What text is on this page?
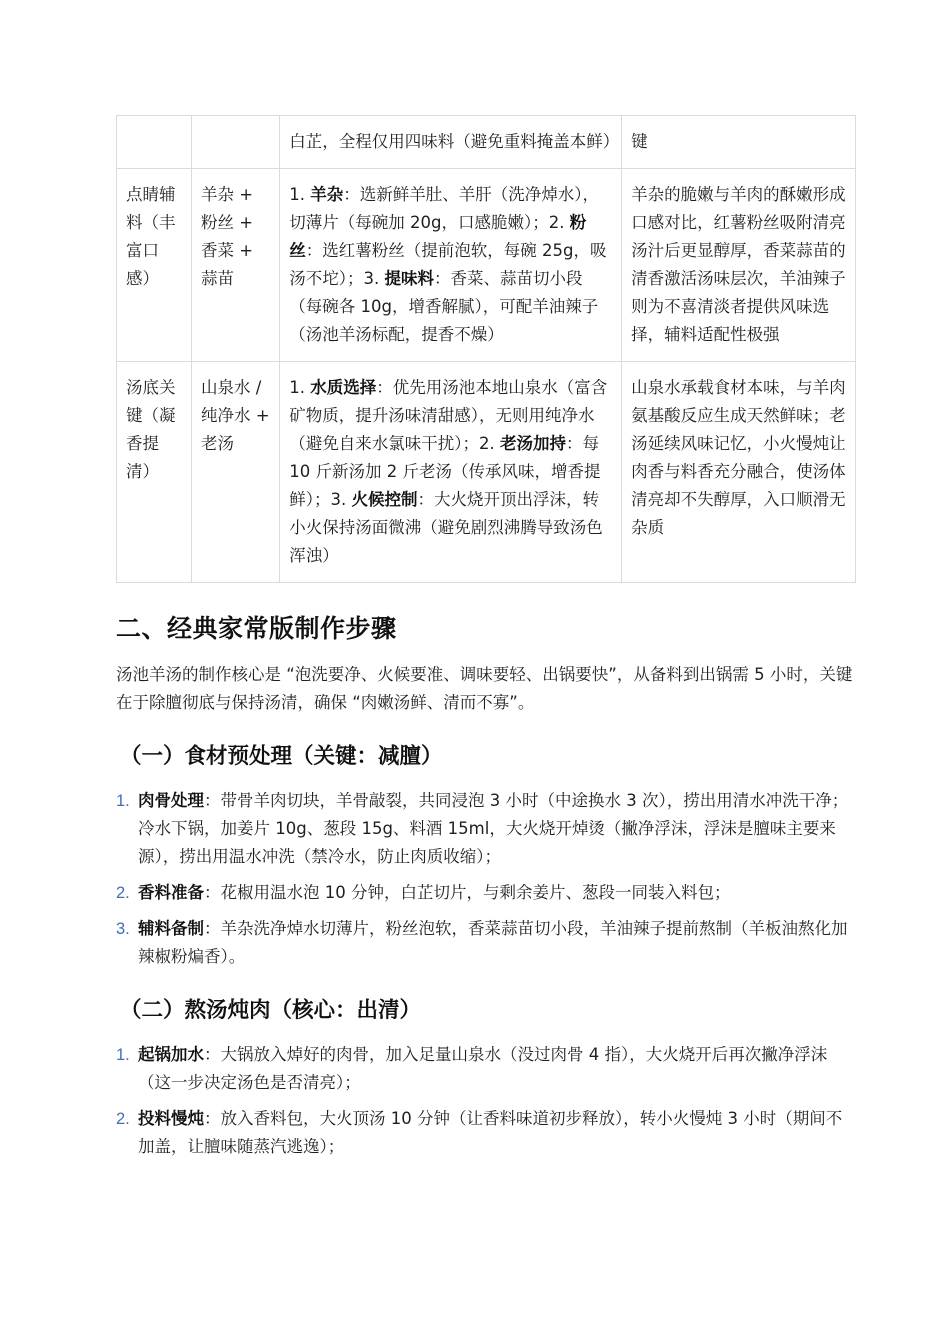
		白芷，全程仅用四味料（避免重料掩盖本鲜）	键
点睛辅料（丰富口感）	羊杂 + 粉丝 + 香菜 + 蒜苗	1. 羊杂：选新鲜羊肚、羊肝（洗净焯水），切薄片（每碗加 20g，口感脆嫩）；2. 粉丝：选红薯粉丝（提前泡软，每碗 25g，吸汤不坨）；3. 提味料：香菜、蒜苗切小段（每碗各 10g，增香解腻），可配羊油辣子（汤池羊汤标配，提香不燥）	羊杂的脆嫩与羊肉的酥嫩形成口感对比，红薯粉丝吸附清亮汤汁后更显醇厚，香菜蒜苗的清香激活汤味层次，羊油辣子则为不喜清淡者提供风味选择，辅料适配性极强
汤底关键（凝香提清）	山泉水 / 纯净水 + 老汤	1. 水质选择：优先用汤池本地山泉水（富含矿物质，提升汤味清甜感），无则用纯净水（避免自来水氯味干扰）；2. 老汤加持：每 10 斤新汤加 2 斤老汤（传承风味，增香提鲜）；3. 火候控制：大火烧开顶出浮沫，转小火保持汤面微沸（避免剧烈沸腾导致汤色浑浊）	山泉水承载食材本味，与羊肉氨基酸反应生成天然鲜味；老汤延续风味记忆，小火慢炖让肉香与料香充分融合，使汤体清亮却不失醇厚，入口顺滑无杂质
二、经典家常版制作步骤

汤池羊汤的制作核心是 “泡洗要净、火候要准、调味要轻、出锅要快”，从备料到出锅需 5 小时，关键在于除膻彻底与保持汤清，确保 “肉嫩汤鲜、清而不寡”。

（一）食材预处理（关键：减膻）
1. 肉骨处理：带骨羊肉切块，羊骨敲裂，共同浸泡 3 小时（中途换水 3 次），捞出用清水冲洗干净；冷水下锅，加姜片 10g、葱段 15g、料酒 15ml，大火烧开焯烫（撇净浮沫，浮沫是膻味主要来源），捞出用温水冲洗（禁冷水，防止肉质收缩）；
2. 香料准备：花椒用温水泡 10 分钟，白芷切片，与剩余姜片、葱段一同装入料包；
3. 辅料备制：羊杂洗净焯水切薄片，粉丝泡软，香菜蒜苗切小段，羊油辣子提前熬制（羊板油熬化加辣椒粉煸香）。
（二）熬汤炖肉（核心：出清）
1. 起锅加水：大锅放入焯好的肉骨，加入足量山泉水（没过肉骨 4 指），大火烧开后再次撇净浮沫（这一步决定汤色是否清亮）；
2. 投料慢炖：放入香料包，大火顶汤 10 分钟（让香料味道初步释放），转小火慢炖 3 小时（期间不加盖，让膻味随蒸汽逃逸）；
